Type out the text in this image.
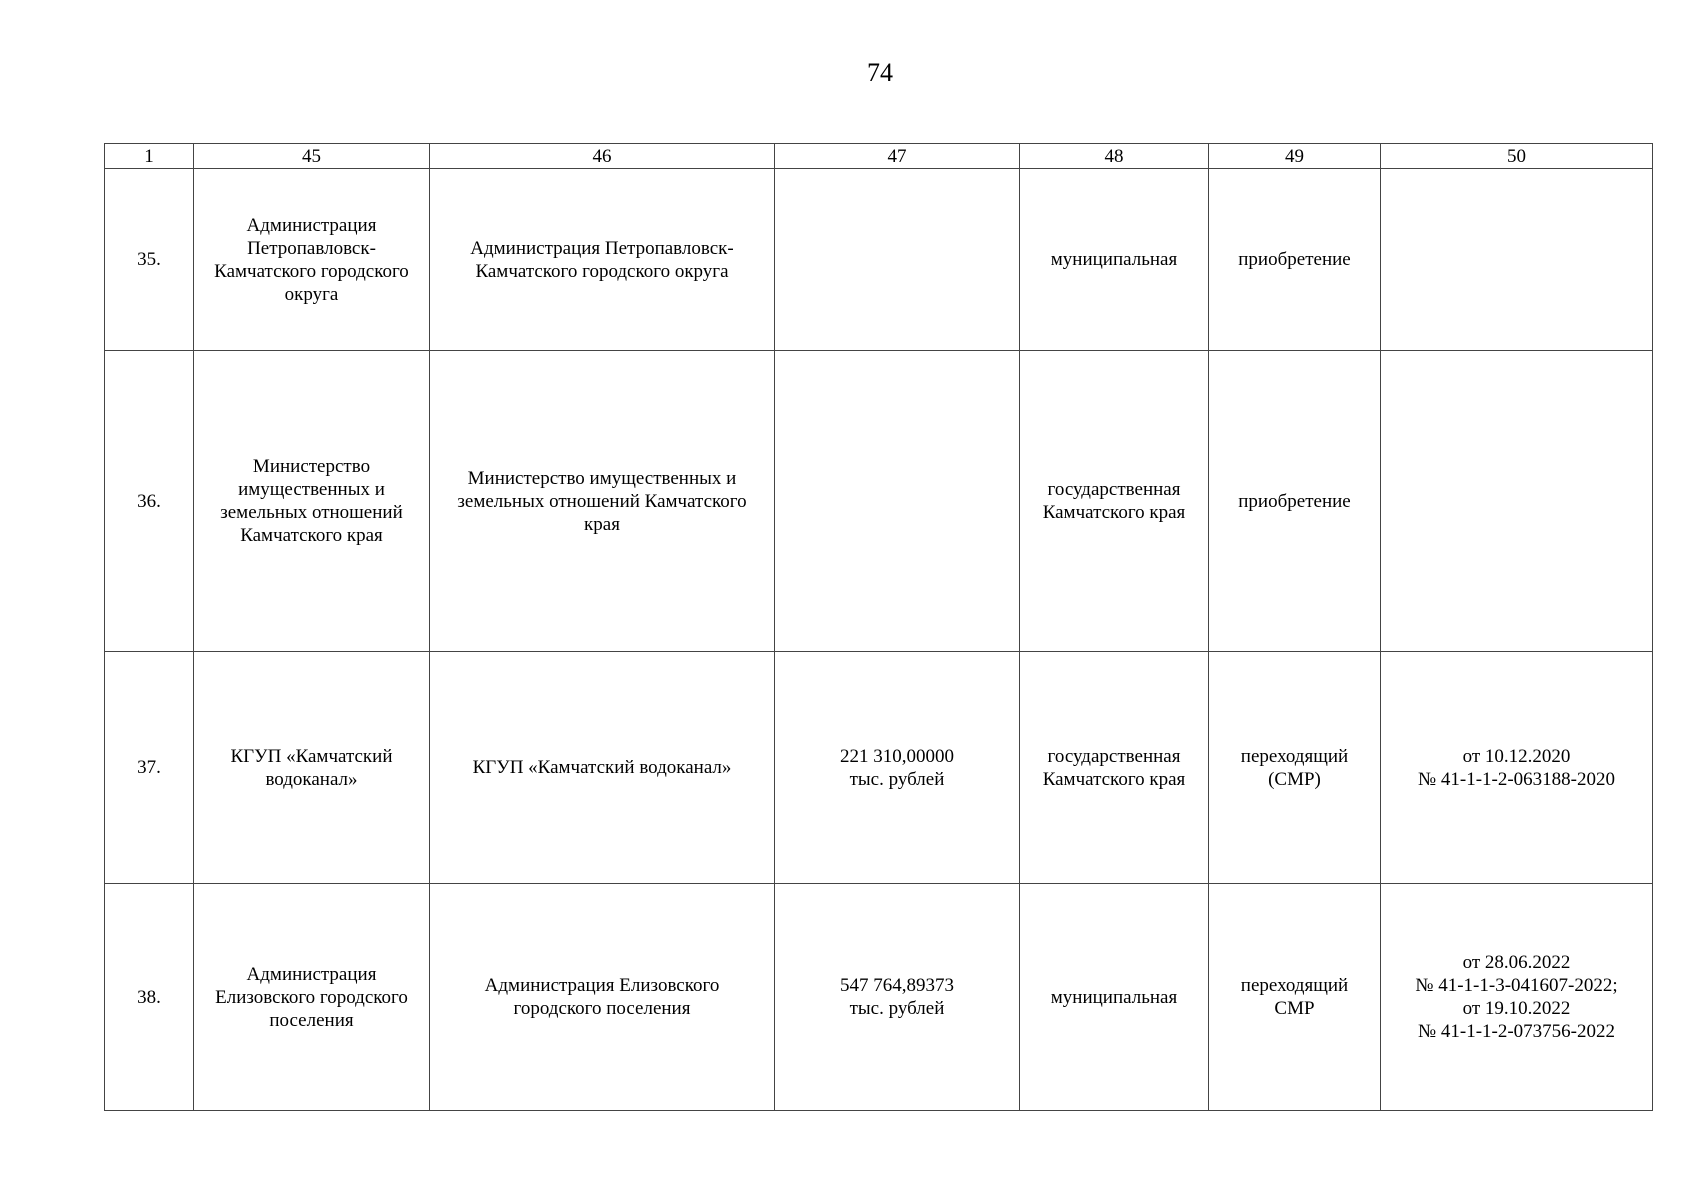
74
1	45	46	47	48	49	50
35.	Администрация
Петропавловск-
Камчатского городского
округа	Администрация Петропавловск-
Камчатского городского округа		муниципальная	приобретение	

36.	Министерство
имущественных и
земельных отношений
Камчатского края	Министерство имущественных и
земельных отношений Камчатского
края		государственная
Камчатского края	приобретение	

37.	КГУП «Камчатский
водоканал»	КГУП «Камчатский водоканал»	221 310,00000
тыс. рублей	государственная
Камчатского края	переходящий
(СМР)	от 10.12.2020
№ 41-1-1-2-063188-2020

38.	Администрация
Елизовского городского
поселения	Администрация Елизовского
городского поселения	547 764,89373
тыс. рублей	муниципальная	переходящий
СМР	от 28.06.2022
№ 41-1-1-3-041607-2022;
от 19.10.2022
№ 41-1-1-2-073756-2022
